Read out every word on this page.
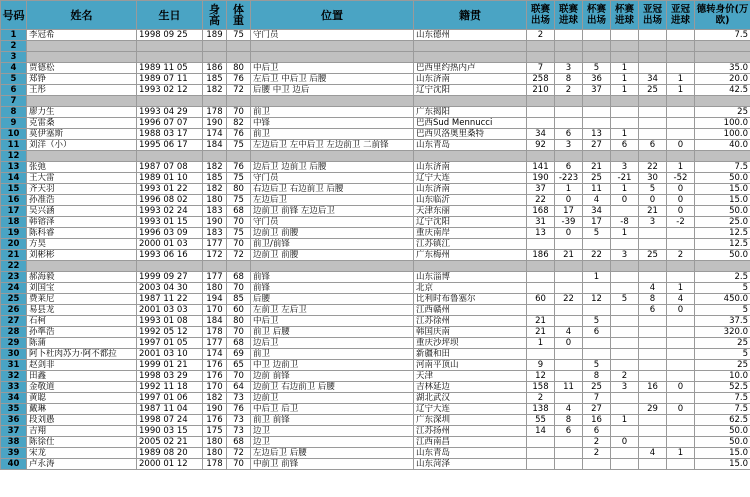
号码	姓名	生日	身高	体重	位置	籍贯	联赛出场	联赛进球	杯赛出场	杯赛进球	亚冠出场	亚冠进球	德转身价(万欧)
1	李冠希	1998 09 25	189	75	守门员	山东德州	2						7.5
2													
3													
4	贾德松	1989 11 05	186	80	中后卫	巴西里约热内卢	7	3	5	1			35.0
5	郑铮	1989 07 11	185	76	左后卫 中后卫 后腰	山东济南	258	8	36	1	34	1	20.0
6	王彤	1993 02 12	182	72	后腰 中卫 边后	辽宁沈阳	210	2	37	1	25	1	42.5
7													
8	廖力生	1993 04 29	178	70	前卫	广东揭阳							25
9	克雷桑	1996 07 07	190	82	中锋	巴西Sud Mennucci							100.0
10	莫伊塞斯	1988 03 17	174	76	前卫	巴西贝洛奥里桑特	34	6	13	1			100.0
11	刘洋（小）	1995 06 17	184	75	左边后卫 左中后卫 左边前卫 二前锋	山东青岛	92	3	27	6	6	0	40.0
12													
13	张弛	1987 07 08	182	76	边后卫 边前卫 后腰	山东济南	141	6	21	3	22	1	7.5
14	王大雷	1989 01 10	185	75	守门员	辽宁大连	190	-223	25	-21	30	-52	50.0
15	齐天羽	1993 01 22	182	80	右边后卫 右边前卫 后腰	山东济南	37	1	11	1	5	0	15.0
16	孙准浩	1996 08 02	180	75	左边后卫	山东临沂	22	0	4	0	0	0	15.0
17	吴兴涵	1993 02 24	183	68	边前卫 前锋 左边后卫	天津东丽	168	17	34		21	0	50.0
18	韩镕泽	1993 01 15	190	70	守门员	辽宁沈阳	31	-39	17	-8	3	-2	25.0
19	陈科睿	1996 03 09	183	75	边前卫 前腰	重庆南岸	13	0	5	1			12.5
20	方昊	2000 01 03	177	70	前卫/前锋	江苏镇江							12.5
21	刘彬彬	1993 06 16	172	72	边前卫 前腰	广东梅州	186	21	22	3	25	2	50.0
22													
23	郝海毅	1999 09 27	177	68	前锋	山东淄博			1				2.5
24	刘国宝	2003 04 30	180	70	前锋	北京					4	1	5
25	费莱尼	1987 11 22	194	85	后腰	比利时布鲁塞尔	60	22	12	5	8	4	450.0
26	易县龙	2001 03 03	170	60	左前卫 左后卫	江西赣州					6	0	5
27	石柯	1993 01 08	184	80	中后卫	江苏徐州	21		5				37.5
28	孙準浩	1992 05 12	178	70	前卫 后腰	韩国庆南	21	4	6				320.0
29	陈蒲	1997 01 05	177	68	边后卫	重庆沙坪坝	1	0					25
30	阿卜杜肉苏力·阿不都拉	2001 03 10	174	69	前卫	新疆和田							5
31	赵剑非	1999 01 21	176	65	中卫 边前卫	河南平顶山	9		5				25
32	田鑫	1998 03 29	176	70	边前 前锋	天津	12		8	2			10.0
33	金敬道	1992 11 18	170	64	边前卫 右边前卫 后腰	吉林延边	158	11	25	3	16	0	52.5
34	黄聪	1997 01 06	182	73	边前卫	湖北武汉	2		7				7.5
35	戴琳	1987 11 04	190	76	中后卫 后卫	辽宁大连	138	4	27		29	0	7.5
36	段刘愚	1998 07 24	176	73	前卫 前锋	广东深圳	55	8	16	1			62.5
37	吉翔	1990 03 15	175	73	边卫	江苏扬州	14	6	6				50.0
38	陈徐仕	2005 02 21	180	68	边卫	江西南昌			2	0			50.0
39	宋龙	1989 08 20	180	72	左边后卫 后腰	山东青岛			2		4	1	15.0
40	卢永涛	2000 01 12	178	70	中前卫 前锋	山东菏泽							15.0
